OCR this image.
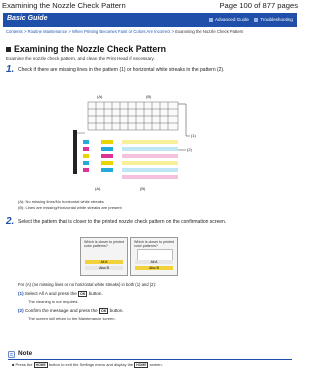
Examining the Nozzle Check Pattern	Page 100 of 877 pages
Basic Guide	Advanced Guide Troubleshooting
Contents > Routine Maintenance > When Printing Becomes Faint or Colors Are Incorrect > Examining the Nozzle Check Pattern
Examining the Nozzle Check Pattern
Examine the nozzle check pattern, and clean the Print Head if necessary.
1. Check if there are missing lines in the pattern (1) or horizontal white streaks in the pattern (2).
(A)	(B)
(1)
(2)
(A)	(B)
(A): No missing lines/No horizontal white streaks
(B): Lines are missing/Horizontal white streaks are present
2. Select the pattern that is closer to the printed nozzle check pattern on the confirmation screen.
Which is closer to printed color patterns?
All A
Also B
Which is closer to printed color patterns?
All A
Also B
For (A) (no missing lines or no horizontal white streaks) in both (1) and (2):
(1) Select All A and press the OK button.
The cleaning is not required.
(2) Confirm the message and press the OK button.
The screen will return to the Maintenance screen.
Note
■ Press the HOME button to exit the Settings menu and display the HOME screen.
